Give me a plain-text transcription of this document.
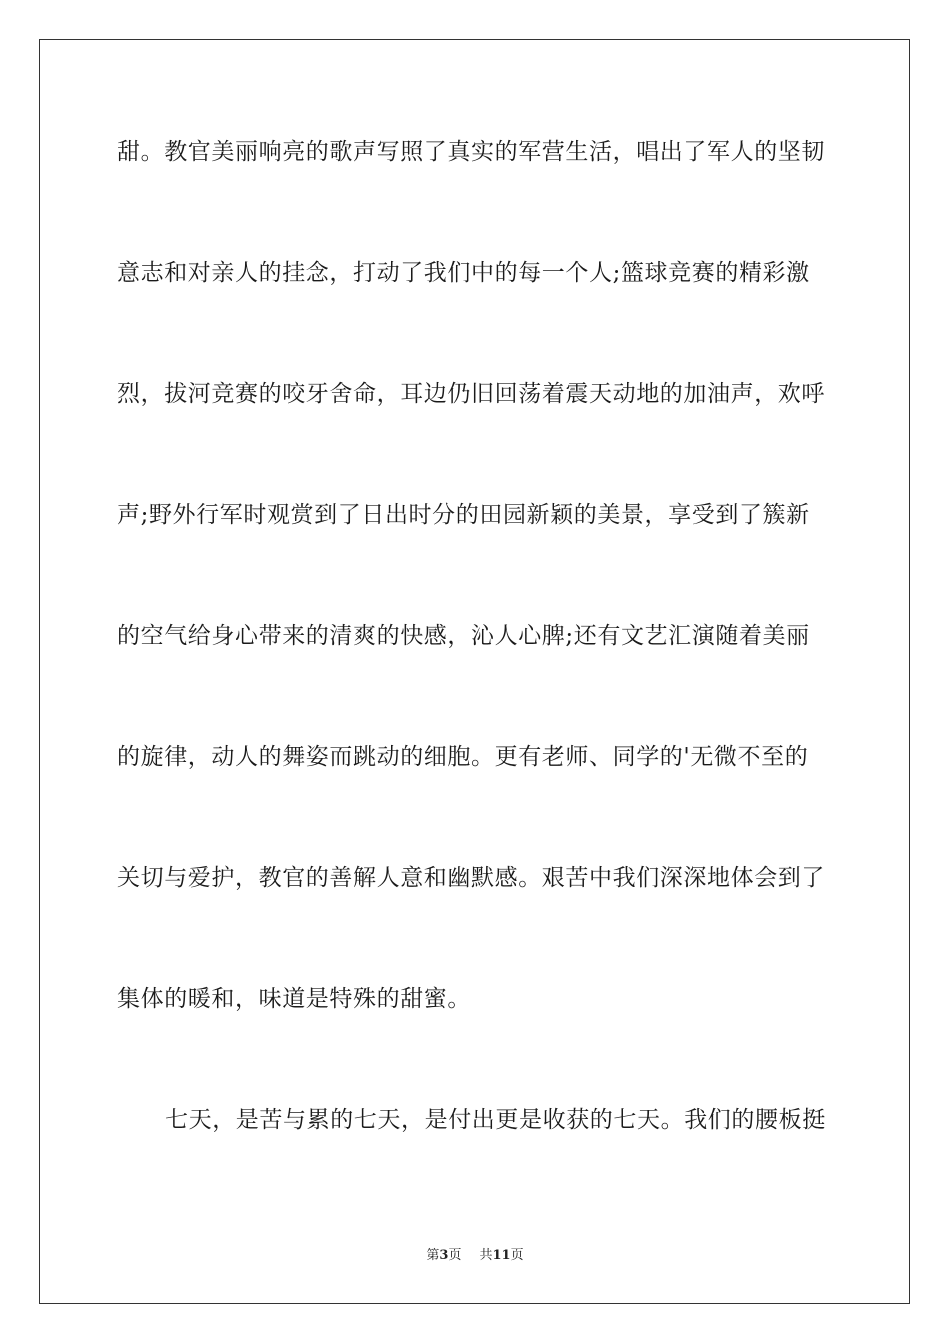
甜。教官美丽响亮的歌声写照了真实的军营生活，唱出了军人的坚韧
意志和对亲人的挂念，打动了我们中的每一个人;篮球竞赛的精彩激
烈，拔河竞赛的咬牙舍命，耳边仍旧回荡着震天动地的加油声，欢呼
声;野外行军时观赏到了日出时分的田园新颖的美景，享受到了簇新
的空气给身心带来的清爽的快感，沁人心脾;还有文艺汇演随着美丽
的旋律，动人的舞姿而跳动的细胞。更有老师、同学的'无微不至的
关切与爱护，教官的善解人意和幽默感。艰苦中我们深深地体会到了
集体的暖和，味道是特殊的甜蜜。
七天，是苦与累的七天，是付出更是收获的七天。我们的腰板挺
第3页 共11页
